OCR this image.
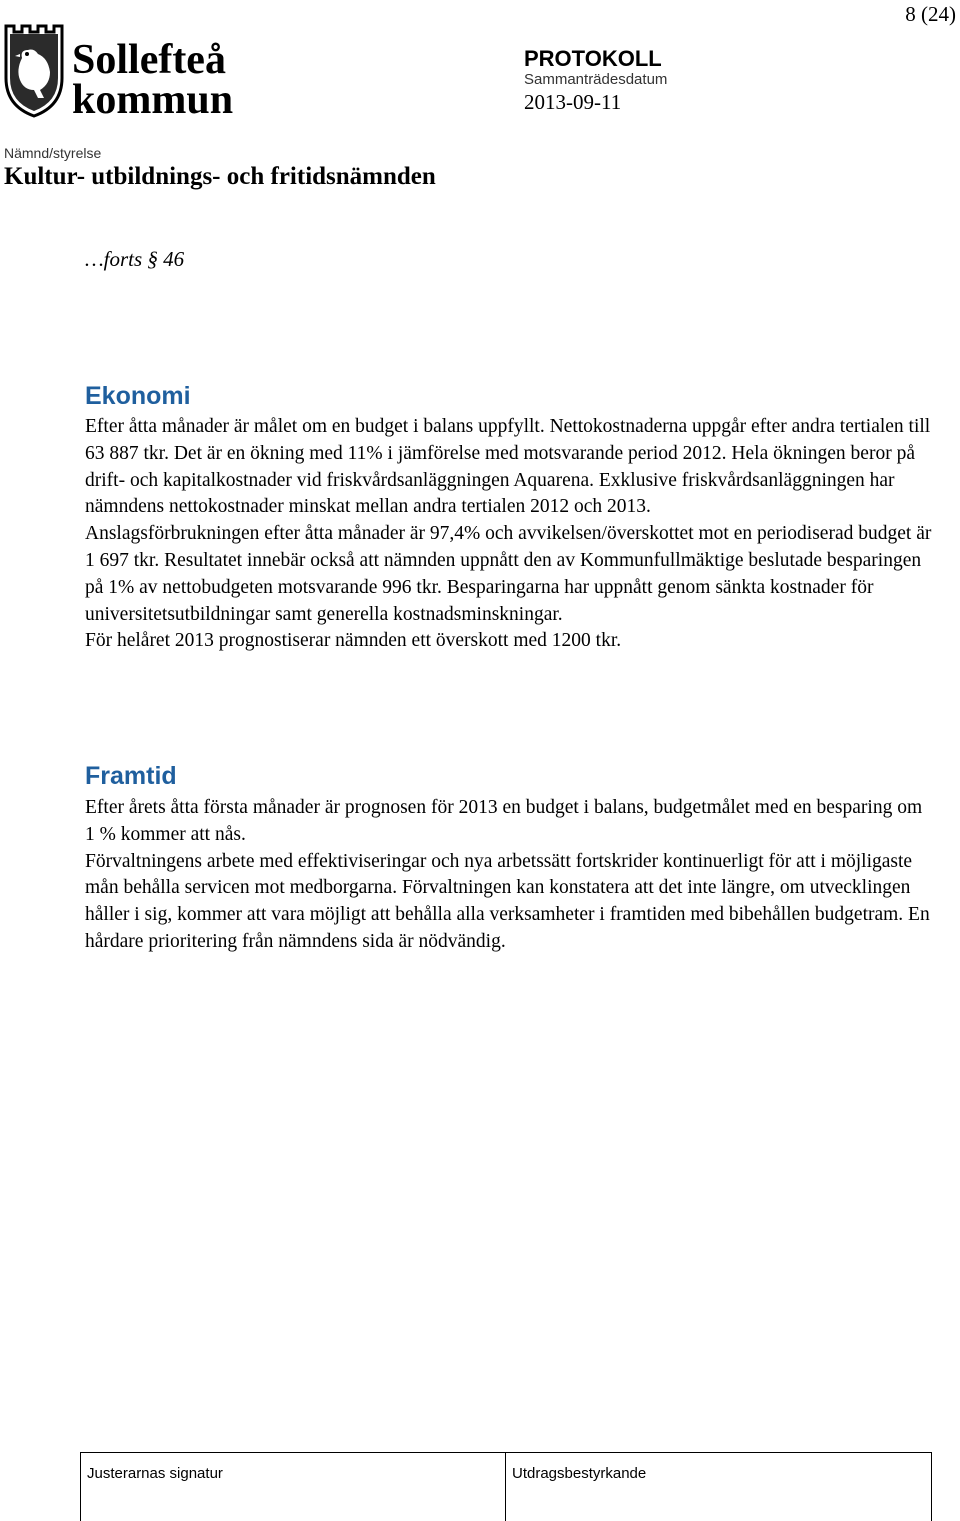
8 (24)
Sollefteå
kommun
PROTOKOLL
Sammanträdesdatum
2013-09-11
Nämnd/styrelse
Kultur- utbildnings- och fritidsnämnden
…forts § 46
Ekonomi

Efter åtta månader är målet om en budget i balans uppfyllt. Nettokostnaderna uppgår efter andra tertialen till 63 887 tkr. Det är en ökning med 11% i jämförelse med motsvarande period 2012. Hela ökningen beror på drift- och kapitalkostnader vid friskvårdsanläggningen Aquarena. Exklusive friskvårdsanläggningen har nämndens nettokostnader minskat mellan andra tertialen 2012 och 2013.

Anslagsförbrukningen efter åtta månader är 97,4% och avvikelsen/överskottet mot en periodiserad budget är 1 697 tkr. Resultatet innebär också att nämnden uppnått den av Kommunfullmäktige beslutade besparingen på 1% av nettobudgeten motsvarande 996 tkr. Besparingarna har uppnått genom sänkta kostnader för universitetsutbildningar samt generella kostnadsminskningar.

För helåret 2013 prognostiserar nämnden ett överskott med 1200 tkr.

Framtid

Efter årets åtta första månader är prognosen för 2013 en budget i balans, budgetmålet med en besparing om 1 % kommer att nås.

Förvaltningens arbete med effektiviseringar och nya arbetssätt fortskrider kontinuerligt för att i möjligaste mån behålla servicen mot medborgarna. Förvaltningen kan konstatera att det inte längre, om utvecklingen håller i sig, kommer att vara möjligt att behålla alla verksamheter i framtiden med bibehållen budgetram. En hårdare prioritering från nämndens sida är nödvändig.

Justerarnas signatur	Utdragsbestyrkande
